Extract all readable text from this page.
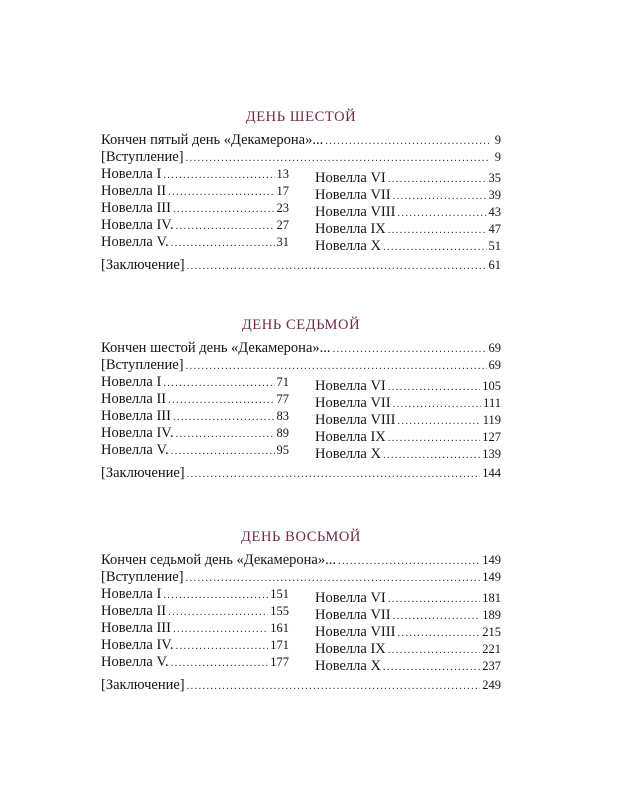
ДЕНЬ ШЕСТОЙ
Кончен пятый день «Декамерона»... .....	9
[Вступление] .....	9
Новелла I .....	13
Новелла II .....	17
Новелла III .....	23
Новелла IV. .....	27
Новелла V. .....	31
Новелла VI .....	35
Новелла VII .....	39
Новелла VIII .....	43
Новелла IX .....	47
Новелла X .....	51
[Заключение] .....	61
ДЕНЬ СЕДЬМОЙ
Кончен шестой день «Декамерона»... .....	69
[Вступление] .....	69
Новелла I .....	71
Новелла II .....	77
Новелла III .....	83
Новелла IV. .....	89
Новелла V. .....	95
Новелла VI .....	105
Новелла VII .....	111
Новелла VIII .....	119
Новелла IX .....	127
Новелла X .....	139
[Заключение] .....	144
ДЕНЬ ВОСЬМОЙ
Кончен седьмой день «Декамерона»... .....	149
[Вступление] .....	149
Новелла I .....	151
Новелла II .....	155
Новелла III .....	161
Новелла IV. .....	171
Новелла V. .....	177
Новелла VI .....	181
Новелла VII .....	189
Новелла VIII .....	215
Новелла IX .....	221
Новелла X .....	237
[Заключение] .....	249
